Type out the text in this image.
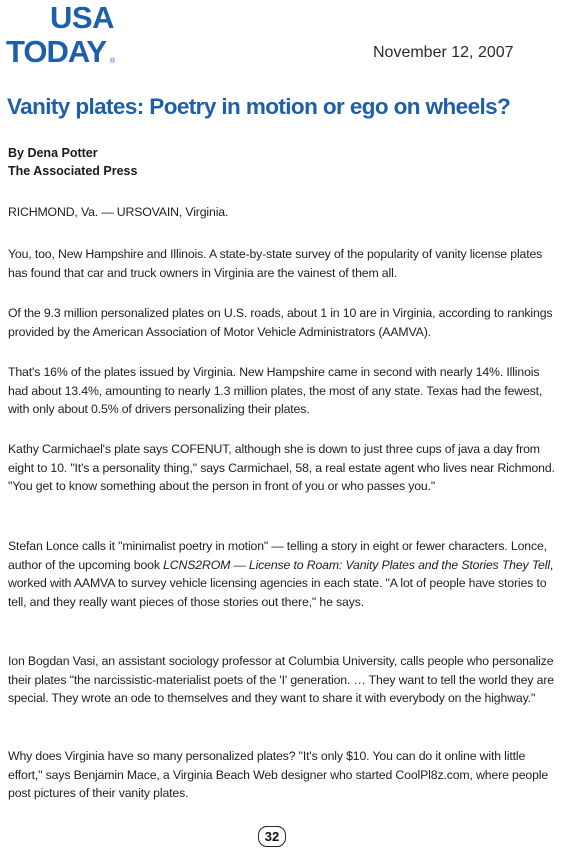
USA
TODAY ®
November 12, 2007
Vanity plates: Poetry in motion or ego on wheels?
By Dena Potter
The Associated Press

RICHMOND, Va. — URSOVAIN, Virginia.

You, too, New Hampshire and Illinois. A state-by-state survey of the popularity of vanity license plates has found that car and truck owners in Virginia are the vainest of them all.

Of the 9.3 million personalized plates on U.S. roads, about 1 in 10 are in Virginia, according to rankings provided by the American Association of Motor Vehicle Administrators (AAMVA).

That's 16% of the plates issued by Virginia. New Hampshire came in second with nearly 14%. Illinois had about 13.4%, amounting to nearly 1.3 million plates, the most of any state. Texas had the fewest, with only about 0.5% of drivers personalizing their plates.

Kathy Carmichael's plate says COFENUT, although she is down to just three cups of java a day from eight to 10. "It's a personality thing," says Carmichael, 58, a real estate agent who lives near Richmond. "You get to know something about the person in front of you or who passes you."

Stefan Lonce calls it "minimalist poetry in motion" — telling a story in eight or fewer characters. Lonce, author of the upcoming book LCNS2ROM — License to Roam: Vanity Plates and the Stories They Tell, worked with AAMVA to survey vehicle licensing agencies in each state. "A lot of people have stories to tell, and they really want pieces of those stories out there," he says.

Ion Bogdan Vasi, an assistant sociology professor at Columbia University, calls people who personalize their plates "the narcissistic-materialist poets of the 'I' generation. … They want to tell the world they are special. They wrote an ode to themselves and they want to share it with everybody on the highway."

Why does Virginia have so many personalized plates? "It's only $10. You can do it online with little effort," says Benjamin Mace, a Virginia Beach Web designer who started CoolPl8z.com, where people post pictures of their vanity plates.

32
